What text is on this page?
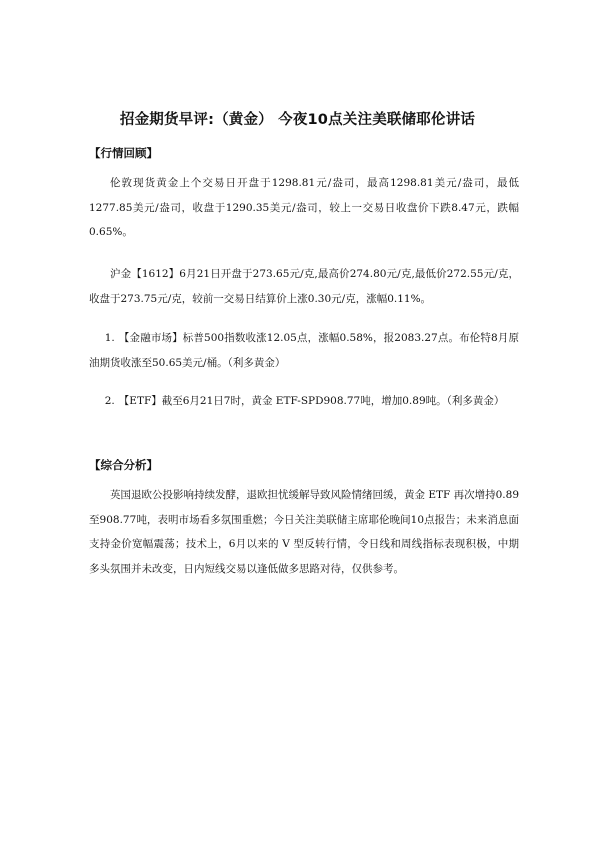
招金期货早评:（黄金） 今夜10点关注美联储耶伦讲话
【行情回顾】

伦敦现货黄金上个交易日开盘于1298.81元/盎司，最高1298.81美元/盎司，最低1277.85美元/盎司，收盘于1290.35美元/盎司，较上一交易日收盘价下跌8.47元，跌幅0.65%。

沪金【1612】6月21日开盘于273.65元/克,最高价274.80元/克,最低价272.55元/克，收盘于273.75元/克，较前一交易日结算价上涨0.30元/克，涨幅0.11%。

1. 【金融市场】标普500指数收涨12.05点，涨幅0.58%，报2083.27点。布伦特8月原油期货收涨至50.65美元/桶。（利多黄金）

2. 【ETF】截至6月21日7时，黄金 ETF-SPD908.77吨，增加0.89吨。（利多黄金）

【综合分析】

英国退欧公投影响持续发酵，退欧担忧缓解导致风险情绪回缓，黄金 ETF 再次增持0.89至908.77吨，表明市场看多氛围重燃；今日关注美联储主席耶伦晚间10点报告；未来消息面支持金价宽幅震荡；技术上，6月以来的 V 型反转行情，令日线和周线指标表现积极，中期多头氛围并未改变，日内短线交易以逢低做多思路对待，仅供参考。
